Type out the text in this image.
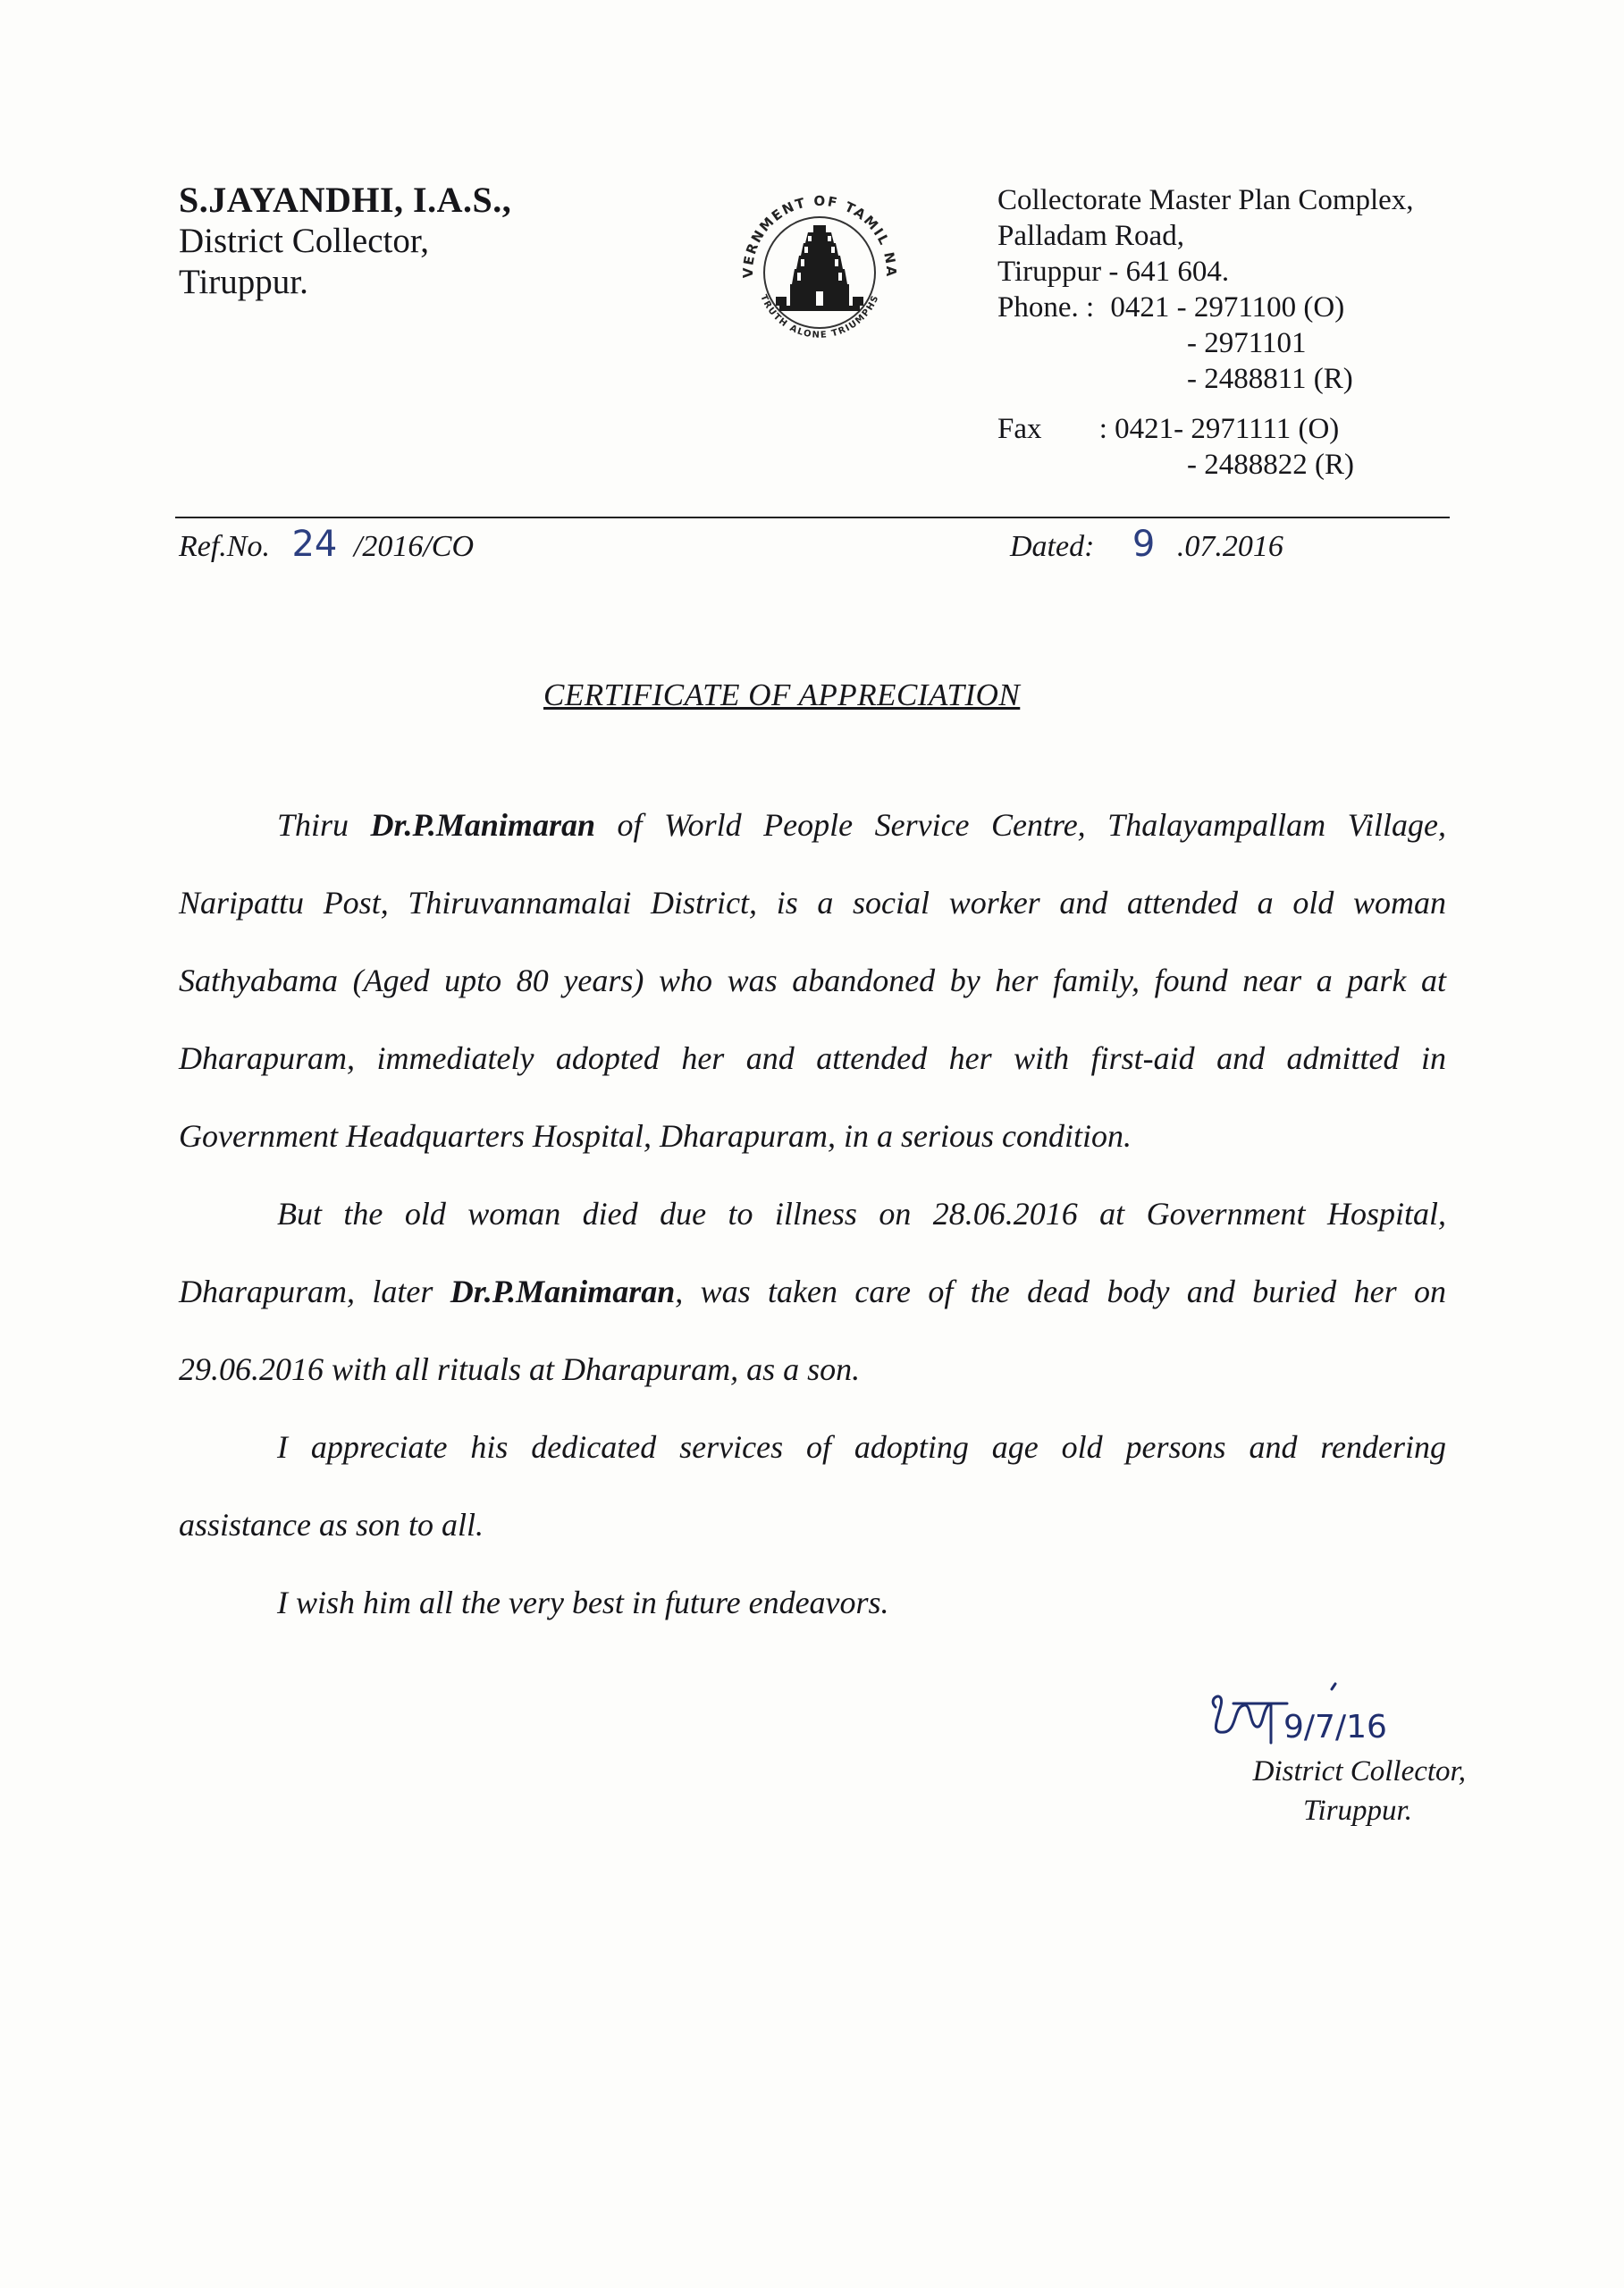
S.JAYANDHI, I.A.S.,
District Collector,
Tiruppur.	VERNMENT OF TAMIL NA
TRUTH ALONE TRIUMPHS
Collectorate Master Plan Complex,
Palladam Road,
Tiruppur - 641 604.
Phone. : 0421 - 2971100 (O)
- 2971101
- 2488811 (R)
Fax : 0421- 2971111 (O)
- 2488822 (R)
Ref.No. 24 /2016/CO	Dated: 9 .07.2016
CERTIFICATE OF APPRECIATION
Thiru Dr.P.Manimaran of World People Service Centre, Thalayampallam Village,
Naripattu Post, Thiruvannamalai District, is a social worker and attended a old woman
Sathyabama (Aged upto 80 years) who was abandoned by her family, found near a park at
Dharapuram, immediately adopted her and attended her with first-aid and admitted in
Government Headquarters Hospital, Dharapuram, in a serious condition.
But the old woman died due to illness on 28.06.2016 at Government Hospital,
Dharapuram, later Dr.P.Manimaran, was taken care of the dead body and buried her on
29.06.2016 with all rituals at Dharapuram, as a son.
I appreciate his dedicated services of adopting age old persons and rendering
assistance as son to all.
I wish him all the very best in future endeavors.
9/7/16
District Collector,
Tiruppur.
